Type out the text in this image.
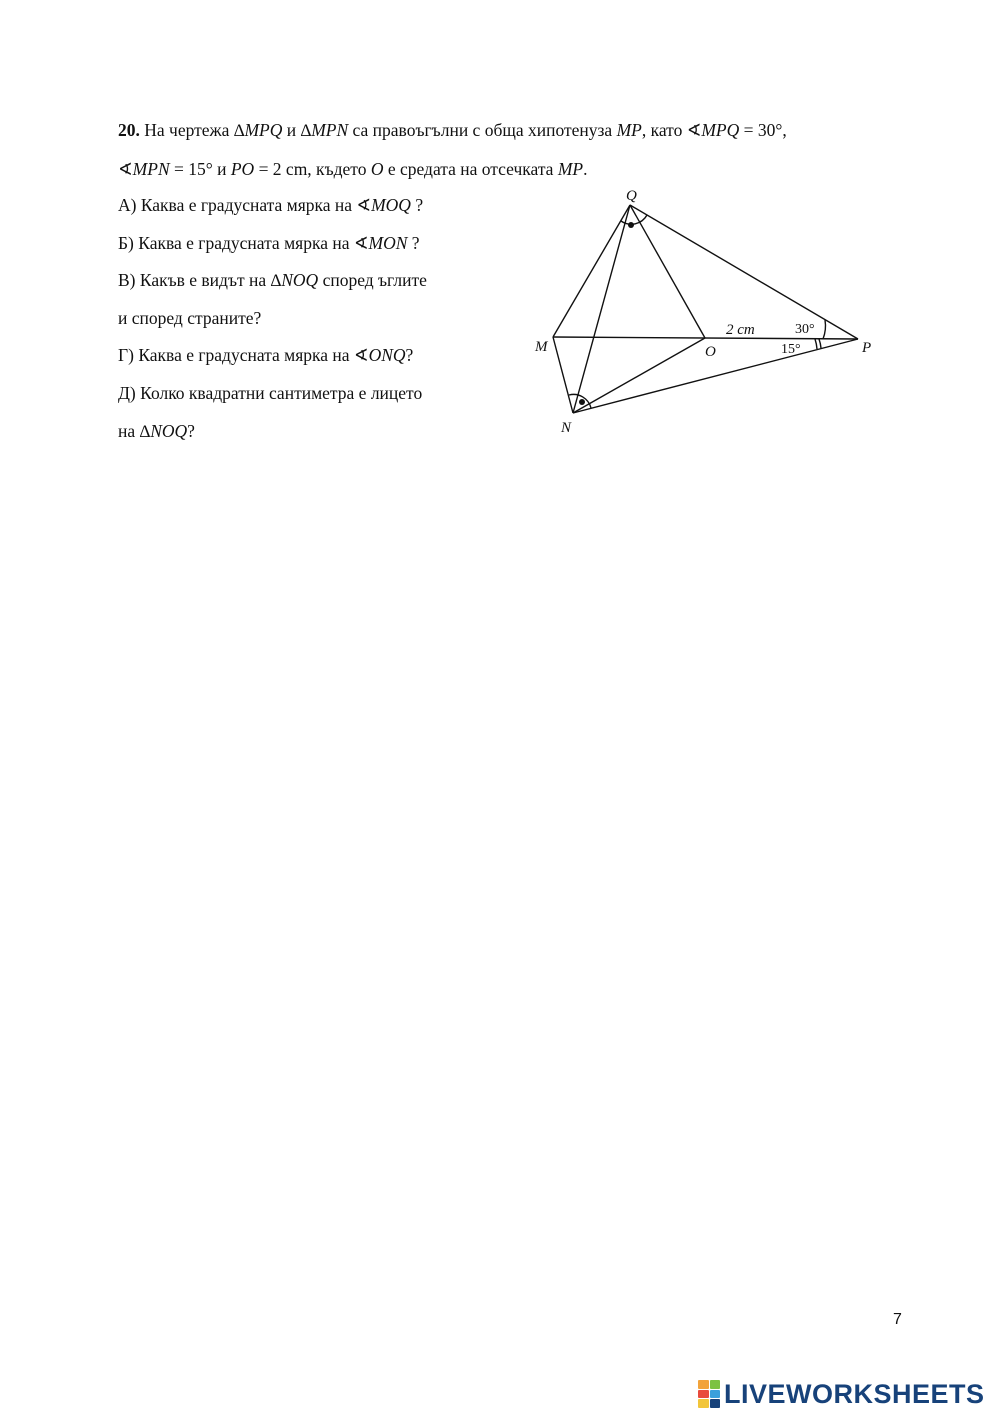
20. На чертежа ∆MPQ и ∆MPN са правоъгълни с обща хипотенуза MP, като ∢MPQ = 30°,
∢MPN = 15° и PO = 2 cm, където O е средата на отсечката MP.
А) Каква е градусната мярка на ∢MOQ ?
Б) Каква е градусната мярка на ∢MON ?
В) Какъв е видът на ∆NOQ според ъглите
и според страните?
Г) Каква е градусната мярка на ∢ONQ?
Д) Колко квадратни сантиметра е лицето
на ∆NOQ?
Q
M	O	P
N
2 cm	30°
15°
7
LIVEWORKSHEETS
